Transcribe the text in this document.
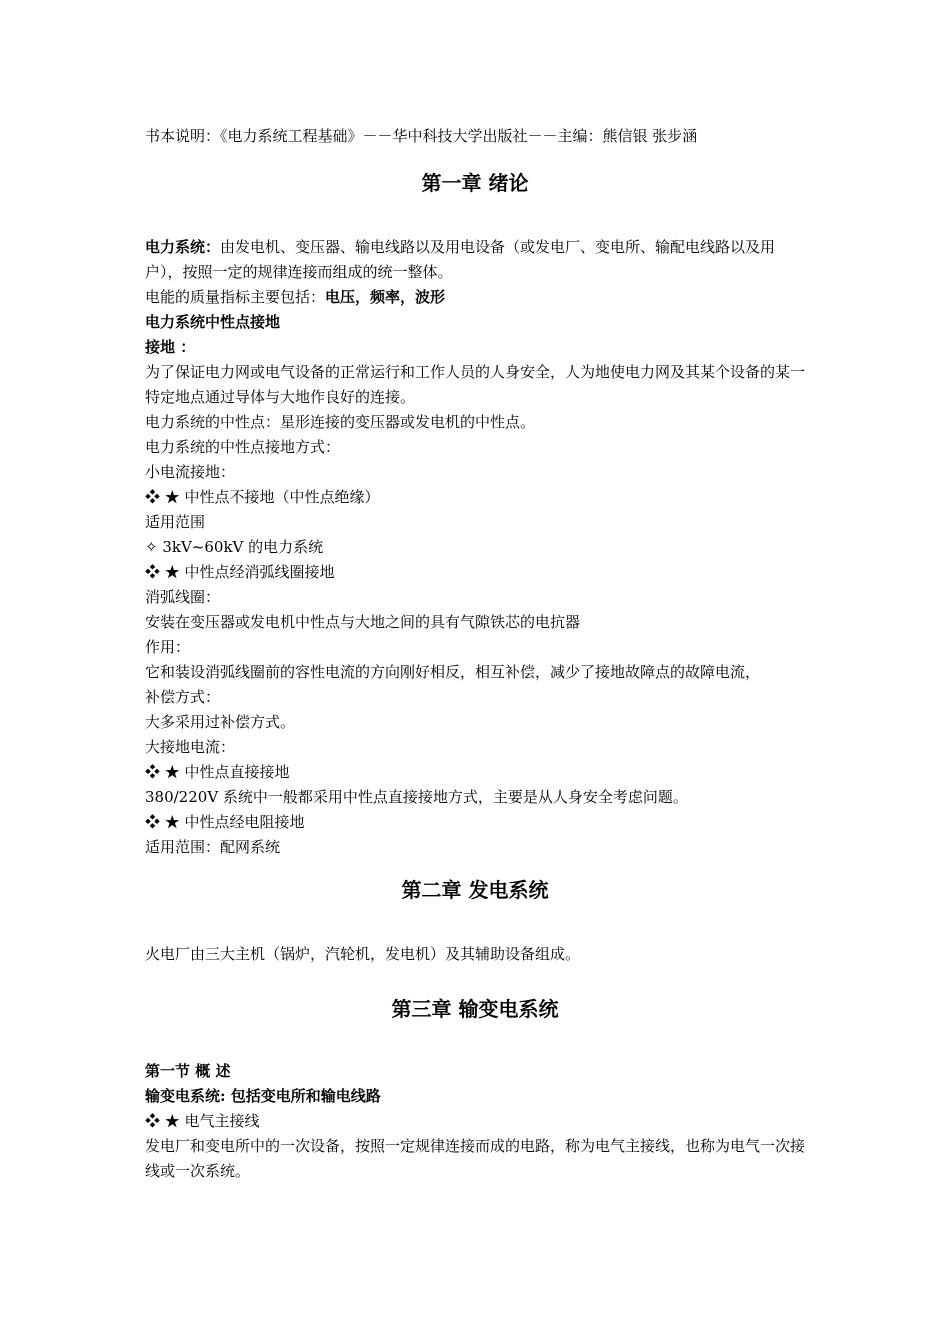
书本说明：《电力系统工程基础》－－华中科技大学出版社－－主编：熊信银 张步涵
第一章 绪论
电力系统：由发电机、变压器、输电线路以及用电设备（或发电厂、变电所、输配电线路以及用户），按照一定的规律连接而组成的统一整体。
电能的质量指标主要包括：电压，频率，波形
电力系统中性点接地
接地 ：
为了保证电力网或电气设备的正常运行和工作人员的人身安全，人为地使电力网及其某个设备的某一特定地点通过导体与大地作良好的连接。
电力系统的中性点：星形连接的变压器或发电机的中性点。
电力系统的中性点接地方式：
小电流接地：
❖ ★ 中性点不接地（中性点绝缘）
适用范围
✧ 3kV~60kV 的电力系统
❖ ★ 中性点经消弧线圈接地
消弧线圈：
安装在变压器或发电机中性点与大地之间的具有气隙铁芯的电抗器
作用：
它和装设消弧线圈前的容性电流的方向刚好相反，相互补偿，减少了接地故障点的故障电流，
补偿方式：
大多采用过补偿方式。
大接地电流：
❖ ★ 中性点直接接地
380/220V 系统中一般都采用中性点直接接地方式，主要是从人身安全考虑问题。
❖ ★ 中性点经电阻接地
适用范围：配网系统
第二章 发电系统
火电厂由三大主机（锅炉，汽轮机，发电机）及其辅助设备组成。
第三章 输变电系统
第一节 概 述
输变电系统: 包括变电所和输电线路
❖ ★ 电气主接线
发电厂和变电所中的一次设备，按照一定规律连接而成的电路，称为电气主接线，也称为电气一次接线或一次系统。
